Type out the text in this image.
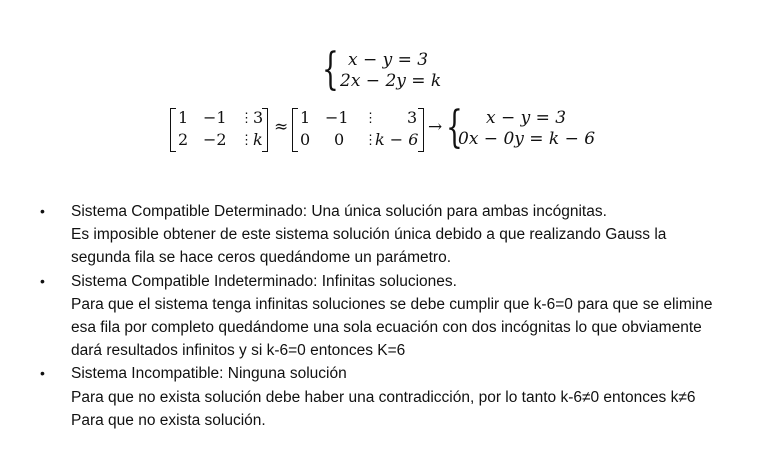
{ x − y = 3
2x − 2y = k
1 −1 ⋮ 3
2 −2 ⋮ k
≈ 1 −1 ⋮ 3
0 0 ⋮
k − 6
→ {	x − y = 3
0x − 0y = k − 6
• Sistema Compatible Determinado: Una única solución para ambas incógnitas.
Es imposible obtener de este sistema solución única debido a que realizando Gauss la
segunda fila se hace ceros quedándome un parámetro.
• Sistema Compatible Indeterminado: Infinitas soluciones.
Para que el sistema tenga infinitas soluciones se debe cumplir que k-6=0 para que se elimine
esa fila por completo quedándome una sola ecuación con dos incógnitas lo que obviamente
dará resultados infinitos y si k-6=0 entonces K=6
• Sistema Incompatible: Ninguna solución
Para que no exista solución debe haber una contradicción, por lo tanto k-6≠0 entonces k≠6
Para que no exista solución.
